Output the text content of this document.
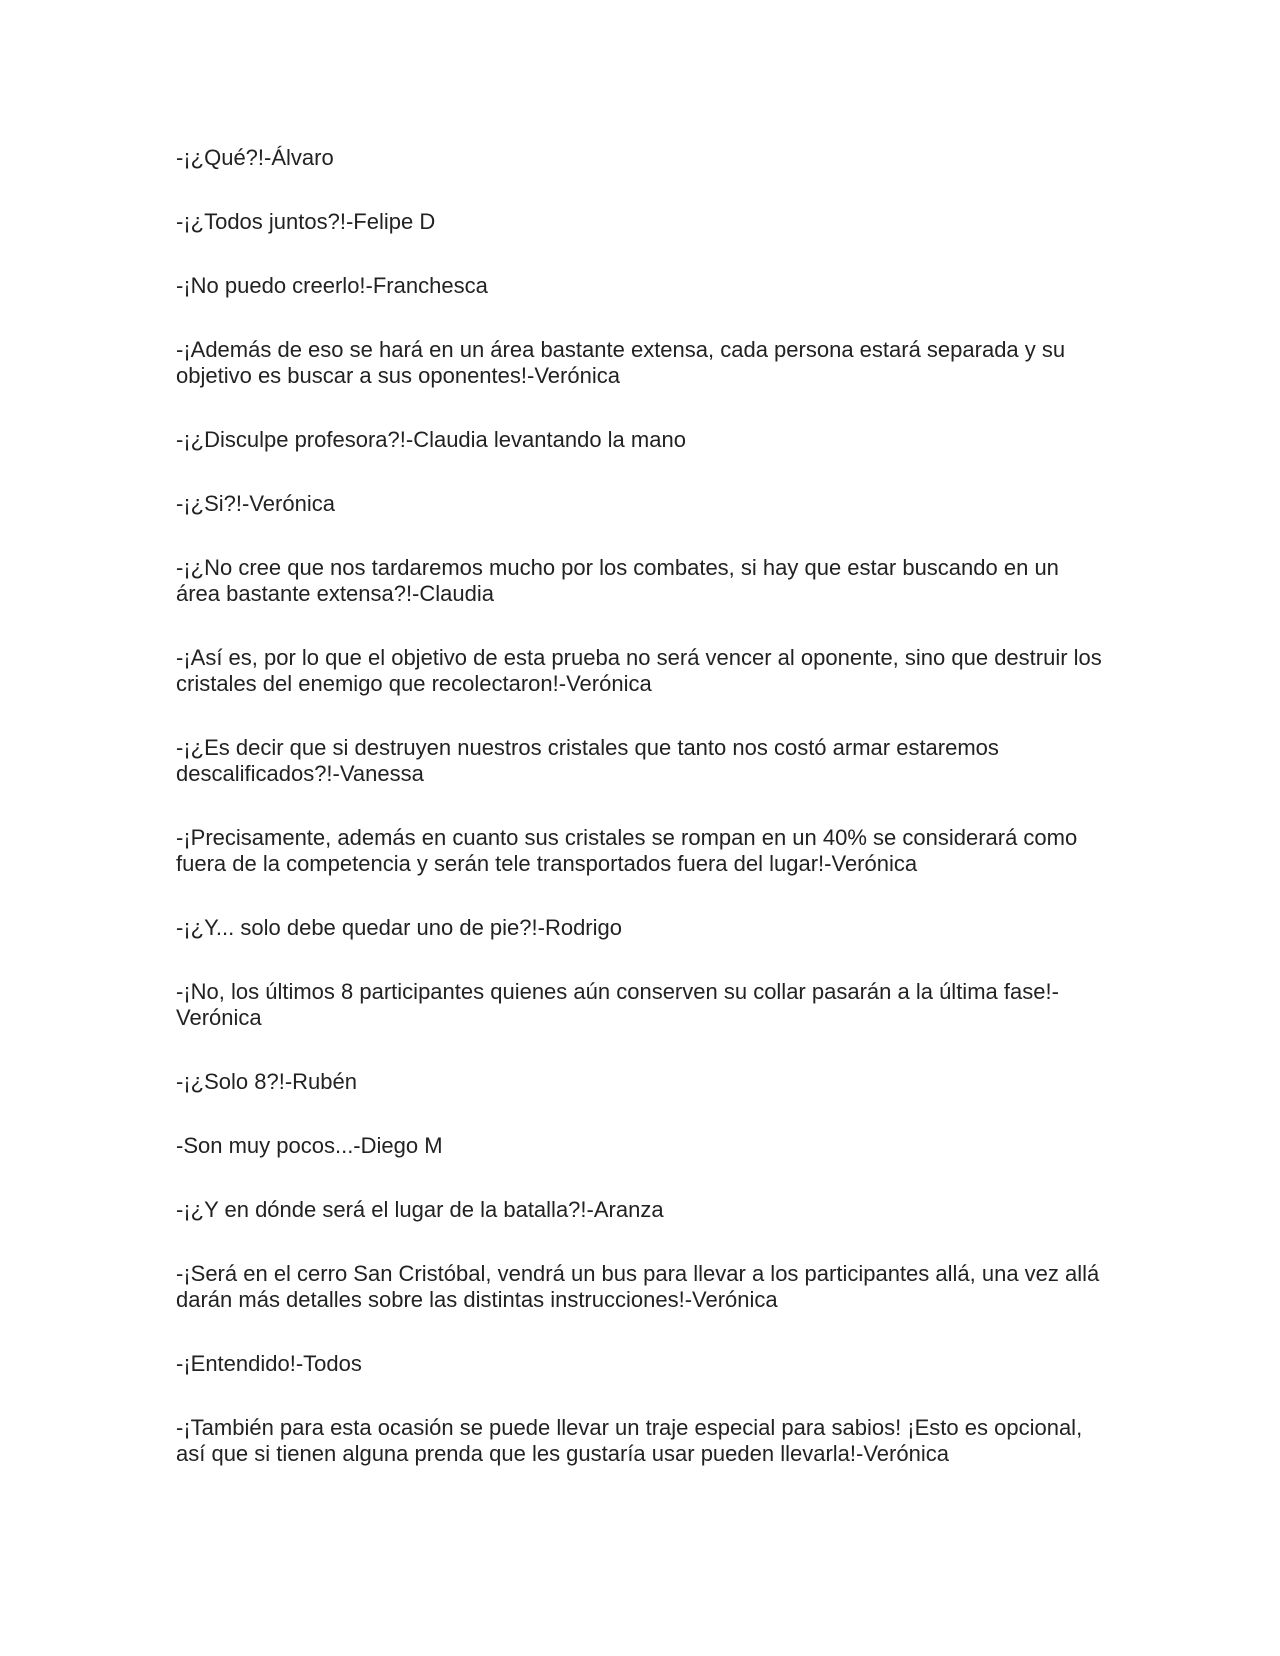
-¡¿Qué?!-Álvaro

-¡¿Todos juntos?!-Felipe D

-¡No puedo creerlo!-Franchesca

-¡Además de eso se hará en un área bastante extensa, cada persona estará separada y su objetivo es buscar a sus oponentes!-Verónica

-¡¿Disculpe profesora?!-Claudia levantando la mano

-¡¿Si?!-Verónica

-¡¿No cree que nos tardaremos mucho por los combates, si hay que estar buscando en un área bastante extensa?!-Claudia

-¡Así es, por lo que el objetivo de esta prueba no será vencer al oponente, sino que destruir los cristales del enemigo que recolectaron!-Verónica

-¡¿Es decir que si destruyen nuestros cristales que tanto nos costó armar estaremos descalificados?!-Vanessa

-¡Precisamente, además en cuanto sus cristales se rompan en un 40% se considerará como fuera de la competencia y serán tele transportados fuera del lugar!-Verónica

-¡¿Y... solo debe quedar uno de pie?!-Rodrigo

-¡No, los últimos 8 participantes quienes aún conserven su collar pasarán a la última fase!-Verónica

-¡¿Solo 8?!-Rubén

-Son muy pocos...-Diego M

-¡¿Y en dónde será el lugar de la batalla?!-Aranza

-¡Será en el cerro San Cristóbal, vendrá un bus para llevar a los participantes allá, una vez allá darán más detalles sobre las distintas instrucciones!-Verónica

-¡Entendido!-Todos

-¡También para esta ocasión se puede llevar un traje especial para sabios! ¡Esto es opcional, así que si tienen alguna prenda que les gustaría usar pueden llevarla!-Verónica
